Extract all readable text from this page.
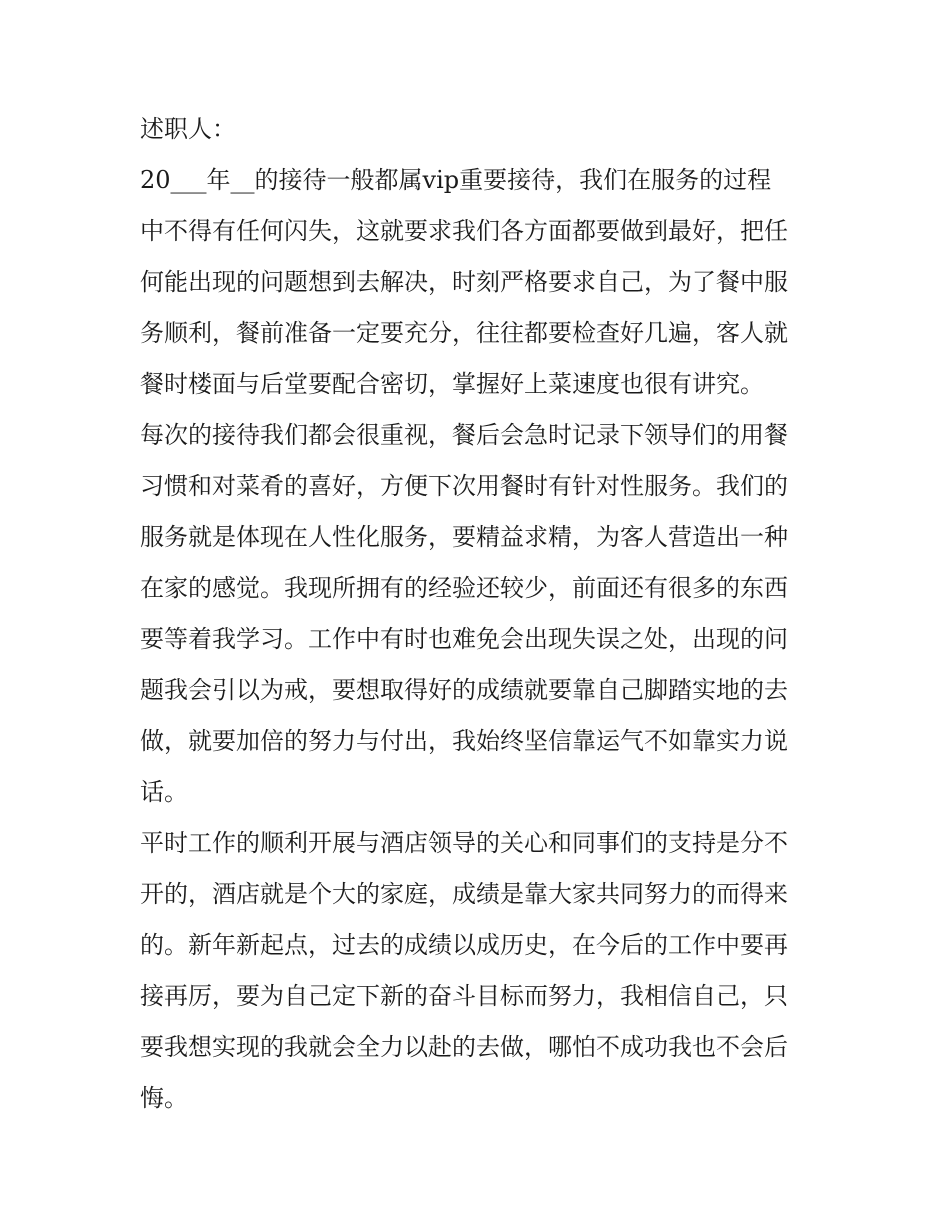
述职人：
20___年__的接待一般都属vip重要接待，我们在服务的过程
中不得有任何闪失，这就要求我们各方面都要做到最好，把任
何能出现的问题想到去解决，时刻严格要求自己，为了餐中服
务顺利，餐前准备一定要充分，往往都要检查好几遍，客人就
餐时楼面与后堂要配合密切，掌握好上菜速度也很有讲究。
每次的接待我们都会很重视，餐后会急时记录下领导们的用餐
习惯和对菜肴的喜好，方便下次用餐时有针对性服务。我们的
服务就是体现在人性化服务，要精益求精，为客人营造出一种
在家的感觉。我现所拥有的经验还较少，前面还有很多的东西
要等着我学习。工作中有时也难免会出现失误之处，出现的问
题我会引以为戒，要想取得好的成绩就要靠自己脚踏实地的去
做，就要加倍的努力与付出，我始终坚信靠运气不如靠实力说
话。
平时工作的顺利开展与酒店领导的关心和同事们的支持是分不
开的，酒店就是个大的家庭，成绩是靠大家共同努力的而得来
的。新年新起点，过去的成绩以成历史，在今后的工作中要再
接再厉，要为自己定下新的奋斗目标而努力，我相信自己，只
要我想实现的我就会全力以赴的去做，哪怕不成功我也不会后
悔。
